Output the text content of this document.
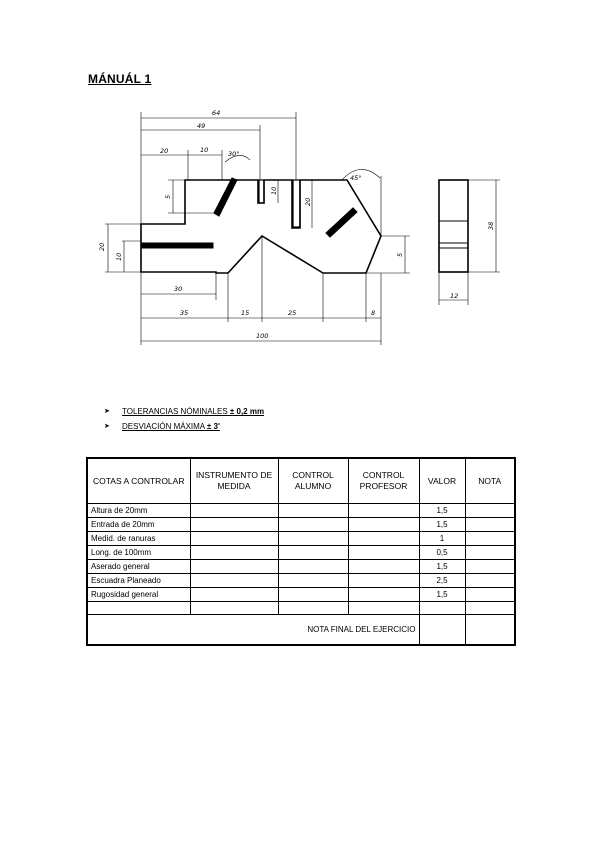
MÁNUÁL 1
64
49
20	10	30°
45°
5
10
20
20
10	5
30
35	15	25	8
100
38
12
➤ TOLERANCIAS NÓMINALES ± 0,2 mm
➤ DESVIACIÓN MÁXIMA ± 3'
COTAS A CONTROLAR	INSTRUMENTO DE MEDIDA	CONTROL ALUMNO	CONTROL PROFESOR	VALOR	NOTA
Altura de 20mm				1,5	
Entrada de 20mm				1,5	
Medid. de ranuras				1	
Long. de 100mm				0,5	
Aserado general				1,5	
Escuadra Planeado				2,5	
Rugosidad general				1,5	

NOTA FINAL DEL EJERCICIO					
